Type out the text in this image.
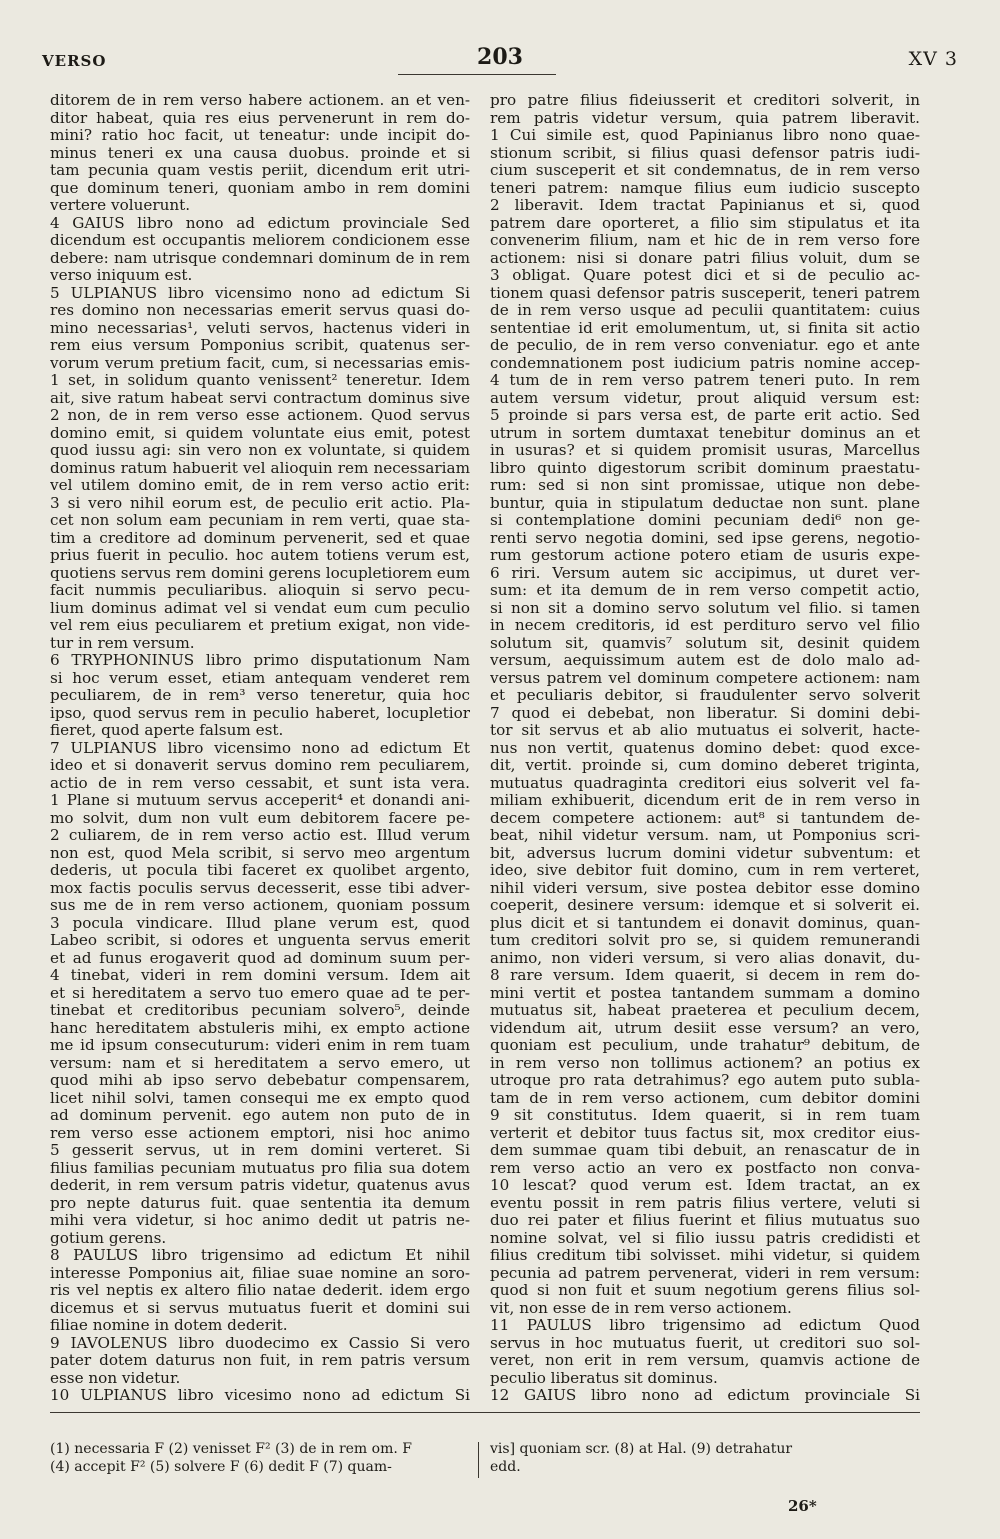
VERSO	203	XV 3
ditorem de in rem verso habere actionem. an et ven-
ditor habeat, quia res eius pervenerunt in rem do-
mini? ratio hoc facit, ut teneatur: unde incipit do-
minus teneri ex una causa duobus. proinde et si
tam pecunia quam vestis periit, dicendum erit utri-
que dominum teneri, quoniam ambo in rem domini
vertere voluerunt.
4 GAIUS libro nono ad edictum provinciale Sed
dicendum est occupantis meliorem condicionem esse
debere: nam utrisque condemnari dominum de in rem
verso iniquum est.
5 ULPIANUS libro vicensimo nono ad edictum Si
res domino non necessarias emerit servus quasi do-
mino necessarias¹, veluti servos, hactenus videri in
rem eius versum Pomponius scribit, quatenus ser-
vorum verum pretium facit, cum, si necessarias emis-
1 set, in solidum quanto venissent² teneretur. Idem
ait, sive ratum habeat servi contractum dominus sive
2 non, de in rem verso esse actionem. Quod servus
domino emit, si quidem voluntate eius emit, potest
quod iussu agi: sin vero non ex voluntate, si quidem
dominus ratum habuerit vel alioquin rem necessariam
vel utilem domino emit, de in rem verso actio erit:
3 si vero nihil eorum est, de peculio erit actio. Pla-
cet non solum eam pecuniam in rem verti, quae sta-
tim a creditore ad dominum pervenerit, sed et quae
prius fuerit in peculio. hoc autem totiens verum est,
quotiens servus rem domini gerens locupletiorem eum
facit nummis peculiaribus. alioquin si servo pecu-
lium dominus adimat vel si vendat eum cum peculio
vel rem eius peculiarem et pretium exigat, non vide-
tur in rem versum.
6 TRYPHONINUS libro primo disputationum Nam
si hoc verum esset, etiam antequam venderet rem
peculiarem, de in rem³ verso teneretur, quia hoc
ipso, quod servus rem in peculio haberet, locupletior
fieret, quod aperte falsum est.
7 ULPIANUS libro vicensimo nono ad edictum Et
ideo et si donaverit servus domino rem peculiarem,
actio de in rem verso cessabit, et sunt ista vera.
1 Plane si mutuum servus acceperit⁴ et donandi ani-
mo solvit, dum non vult eum debitorem facere pe-
2 culiarem, de in rem verso actio est. Illud verum
non est, quod Mela scribit, si servo meo argentum
dederis, ut pocula tibi faceret ex quolibet argento,
mox factis poculis servus decesserit, esse tibi adver-
sus me de in rem verso actionem, quoniam possum
3 pocula vindicare. Illud plane verum est, quod
Labeo scribit, si odores et unguenta servus emerit
et ad funus erogaverit quod ad dominum suum per-
4 tinebat, videri in rem domini versum. Idem ait
et si hereditatem a servo tuo emero quae ad te per-
tinebat et creditoribus pecuniam solvero⁵, deinde
hanc hereditatem abstuleris mihi, ex empto actione
me id ipsum consecuturum: videri enim in rem tuam
versum: nam et si hereditatem a servo emero, ut
quod mihi ab ipso servo debebatur compensarem,
licet nihil solvi, tamen consequi me ex empto quod
ad dominum pervenit. ego autem non puto de in
rem verso esse actionem emptori, nisi hoc animo
5 gesserit servus, ut in rem domini verteret. Si
filius familias pecuniam mutuatus pro filia sua dotem
dederit, in rem versum patris videtur, quatenus avus
pro nepte daturus fuit. quae sententia ita demum
mihi vera videtur, si hoc animo dedit ut patris ne-
gotium gerens.
8 PAULUS libro trigensimo ad edictum Et nihil
interesse Pomponius ait, filiae suae nomine an soro-
ris vel neptis ex altero filio natae dederit. idem ergo
dicemus et si servus mutuatus fuerit et domini sui
filiae nomine in dotem dederit.
9 IAVOLENUS libro duodecimo ex Cassio Si vero
pater dotem daturus non fuit, in rem patris versum
esse non videtur.
10 ULPIANUS libro vicesimo nono ad edictum Si
pro patre filius fideiusserit et creditori solverit, in
rem patris videtur versum, quia patrem liberavit.
1 Cui simile est, quod Papinianus libro nono quae-
stionum scribit, si filius quasi defensor patris iudi-
cium susceperit et sit condemnatus, de in rem verso
teneri patrem: namque filius eum iudicio suscepto
2 liberavit. Idem tractat Papinianus et si, quod
patrem dare oporteret, a filio sim stipulatus et ita
convenerim filium, nam et hic de in rem verso fore
actionem: nisi si donare patri filius voluit, dum se
3 obligat. Quare potest dici et si de peculio ac-
tionem quasi defensor patris susceperit, teneri patrem
de in rem verso usque ad peculii quantitatem: cuius
sententiae id erit emolumentum, ut, si finita sit actio
de peculio, de in rem verso conveniatur. ego et ante
condemnationem post iudicium patris nomine accep-
4 tum de in rem verso patrem teneri puto. In rem
autem versum videtur, prout aliquid versum est:
5 proinde si pars versa est, de parte erit actio. Sed
utrum in sortem dumtaxat tenebitur dominus an et
in usuras? et si quidem promisit usuras, Marcellus
libro quinto digestorum scribit dominum praestatu-
rum: sed si non sint promissae, utique non debe-
buntur, quia in stipulatum deductae non sunt. plane
si contemplatione domini pecuniam dedi⁶ non ge-
renti servo negotia domini, sed ipse gerens, negotio-
rum gestorum actione potero etiam de usuris expe-
6 riri. Versum autem sic accipimus, ut duret ver-
sum: et ita demum de in rem verso competit actio,
si non sit a domino servo solutum vel filio. si tamen
in necem creditoris, id est perdituro servo vel filio
solutum sit, quamvis⁷ solutum sit, desinit quidem
versum, aequissimum autem est de dolo malo ad-
versus patrem vel dominum competere actionem: nam
et peculiaris debitor, si fraudulenter servo solverit
7 quod ei debebat, non liberatur. Si domini debi-
tor sit servus et ab alio mutuatus ei solverit, hacte-
nus non vertit, quatenus domino debet: quod exce-
dit, vertit. proinde si, cum domino deberet triginta,
mutuatus quadraginta creditori eius solverit vel fa-
miliam exhibuerit, dicendum erit de in rem verso in
decem competere actionem: aut⁸ si tantundem de-
beat, nihil videtur versum. nam, ut Pomponius scri-
bit, adversus lucrum domini videtur subventum: et
ideo, sive debitor fuit domino, cum in rem verteret,
nihil videri versum, sive postea debitor esse domino
coeperit, desinere versum: idemque et si solverit ei.
plus dicit et si tantundem ei donavit dominus, quan-
tum creditori solvit pro se, si quidem remunerandi
animo, non videri versum, si vero alias donavit, du-
8 rare versum. Idem quaerit, si decem in rem do-
mini vertit et postea tantandem summam a domino
mutuatus sit, habeat praeterea et peculium decem,
videndum ait, utrum desiit esse versum? an vero,
quoniam est peculium, unde trahatur⁹ debitum, de
in rem verso non tollimus actionem? an potius ex
utroque pro rata detrahimus? ego autem puto subla-
tam de in rem verso actionem, cum debitor domini
9 sit constitutus. Idem quaerit, si in rem tuam
verterit et debitor tuus factus sit, mox creditor eius-
dem summae quam tibi debuit, an renascatur de in
rem verso actio an vero ex postfacto non conva-
10 lescat? quod verum est. Idem tractat, an ex
eventu possit in rem patris filius vertere, veluti si
duo rei pater et filius fuerint et filius mutuatus suo
nomine solvat, vel si filio iussu patris credidisti et
filius creditum tibi solvisset. mihi videtur, si quidem
pecunia ad patrem pervenerat, videri in rem versum:
quod si non fuit et suum negotium gerens filius sol-
vit, non esse de in rem verso actionem.
11 PAULUS libro trigensimo ad edictum Quod
servus in hoc mutuatus fuerit, ut creditori suo sol-
veret, non erit in rem versum, quamvis actione de
peculio liberatus sit dominus.
12 GAIUS libro nono ad edictum provinciale Si
(1) necessaria F (2) venisset F² (3) de in rem om. F
(4) accepit F² (5) solvere F (6) dedit F (7) quam-
vis] quoniam scr. (8) at Hal. (9) detrahatur
edd.
26*
